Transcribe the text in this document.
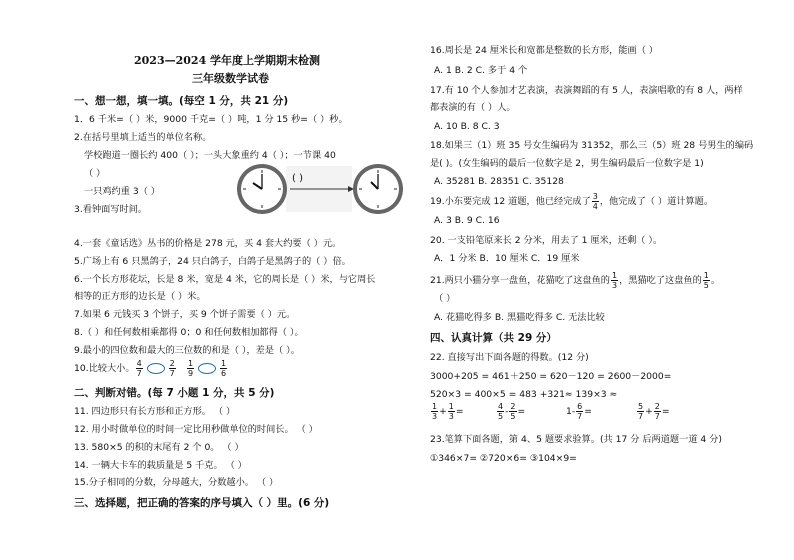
2023—2024 学年度上学期期末检测
三年级数学试卷
一、想一想，填一填。(每空 1 分，共 21 分)
1．6 千米=（ ）米，9000 千克=（ ）吨，1 分 15 秒=（ ）秒。
2.在括号里填上适当的单位名称。
学校跑道一圈长约 400（ ）；一头大象重约 4（ ）；一节课 40
（ ）
一只鸡约重 3（ ）
3.看钟面写时间。
4.一套《童话选》丛书的价格是 278 元，买 4 套大约要（ ）元。
5.广场上有 6 只黑鸽子，24 只白鸽子，白鸽子是黑鸽子的（ ）倍。
6.一个长方形花坛，长是 8 米，宽是 4 米，它的周长是（ ）米，与它周长
相等的正方形的边长是（ ）米。
7.如果 6 元钱买 3 个饼子，买 9 个饼子需要（ ）元。
8.（ ）和任何数相乘都得 0；0 和任何数相加都得（ ）。
9.最小的四位数和最大的三位数的和是（ ），差是（ ）。
10.比较大小。 $\frac{4}{7}$	$\frac{2}{7}$
  $\frac{1}{9}$	$\frac{1}{6}$
二、判断对错。(每 7 小题 1 分，共 5 分)
11. 四边形只有长方形和正方形。 （ ）
12. 用小时做单位的时间一定比用秒做单位的时间长。 （ ）
13. 580×5 的积的末尾有 2 个 0。 （ ）
14. 一辆大卡车的载质量是 5 千克。 （ ）
15.分子相同的分数，分母越大，分数越小。 （ ）
三、选择题，把正确的答案的序号填入（ ）里。(6 分)
( )
16.周长是 24 厘米长和宽都是整数的长方形，能画（ ）
A. 1 B. 2 C. 多于 4 个
17.有 10 个人参加才艺表演，表演舞蹈的有 5 人，表演唱歌的有 8 人，两样
都表演的有（ ）人。
A. 10 B. 8 C. 3
18.如果三（1）班 35 号女生编码为 31352，那么三（5）班 28 号男生的编码
是( )。(女生编码的最后一位数字是 2，男生编码最后一位数字是 1)
A. 35281 B. 28351 C. 35128
19.小东要完成 12 道题，他已经完成了 $\frac{3}{4}$ ，他完成了（ ）道计算题。
A. 3 B. 9 C. 16
20. 一支铅笔原来长 2 分米，用去了 1 厘米，还剩（ ）。
A．1 分米 B．10 厘米 C．19 厘米
21.两只小猫分享一盘鱼，花猫吃了这盘鱼的 $\frac{1}{3}$ ，黑猫吃了这盘鱼的 $\frac{1}{5}$ 。
（ ）
A. 花猫吃得多 B. 黑猫吃得多 C. 无法比较
四、认真计算（共 29 分）
22. 直接写出下面各题的得数。(12 分)
3000+205 = 461＋250 = 620－120 = 2600－2000=
520×3 = 400×5 = 483 +321≈ 139×3 ≈
$\frac{1}{3} + \frac{1}{3}$ =	$\frac{4}{5} - \frac{2}{5}$ =	$1- \frac{6}{7}$ =	$\frac{5}{7} + \frac{2}{7}$ =
23.笔算下面各题，第 4、5 题要求验算。(共 17 分 后两道题一道 4 分)
①346×7= ②720×6= ③104×9=
